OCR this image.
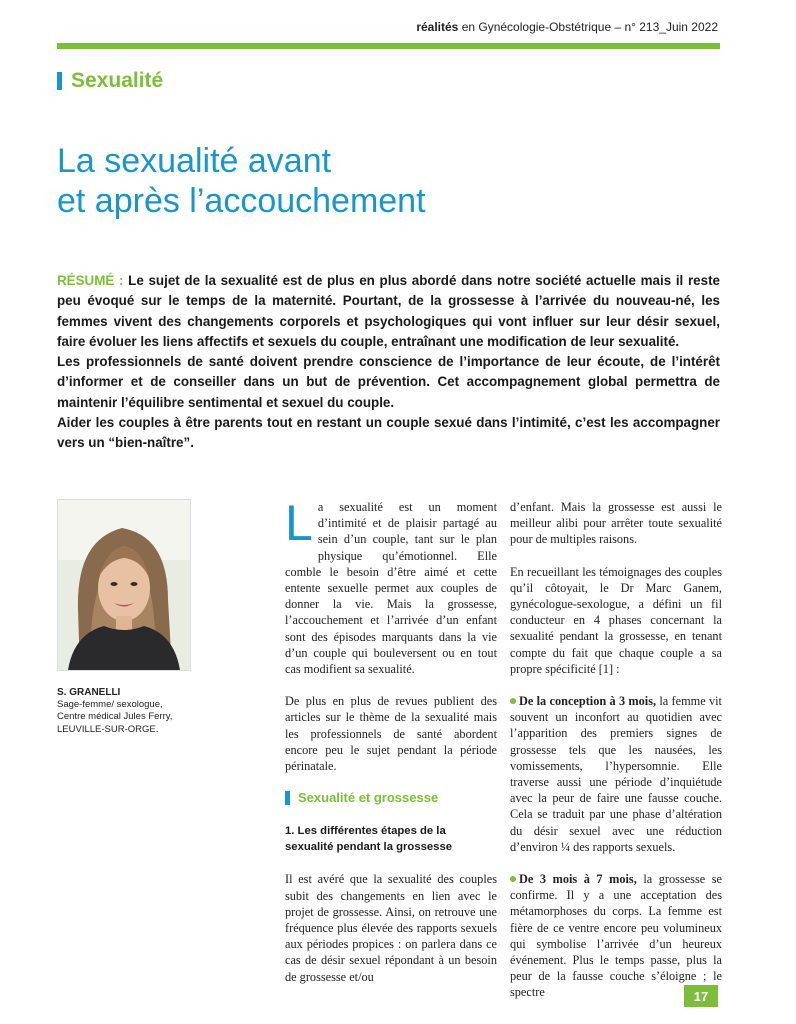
réalités en Gynécologie-Obstétrique – n° 213_Juin 2022
Sexualité
La sexualité avant
et après l’accouchement

RÉSUMÉ : Le sujet de la sexualité est de plus en plus abordé dans notre société actuelle mais il reste peu évoqué sur le temps de la maternité. Pourtant, de la grossesse à l’arrivée du nouveau-né, les femmes vivent des changements corporels et psychologiques qui vont influer sur leur désir sexuel, faire évoluer les liens affectifs et sexuels du couple, entraînant une modification de leur sexualité.

Les professionnels de santé doivent prendre conscience de l’importance de leur écoute, de l’intérêt d’informer et de conseiller dans un but de prévention. Cet accompagnement global permettra de maintenir l’équilibre sentimental et sexuel du couple.

Aider les couples à être parents tout en restant un couple sexué dans l’intimité, c’est les accompagner vers un “bien-naître”.

S. GRANELLI
Sage-femme/ sexologue,
Centre médical Jules Ferry,
LEUVILLE-SUR-ORGE.

La sexualité est un moment d’intimité et de plaisir partagé au sein d’un couple, tant sur le plan physique qu’émotionnel. Elle comble le besoin d’être aimé et cette entente sexuelle permet aux couples de donner la vie. Mais la grossesse, l’accouchement et l’arrivée d’un enfant sont des épisodes marquants dans la vie d’un couple qui bouleversent ou en tout cas modifient sa sexualité.

De plus en plus de revues publient des articles sur le thème de la sexualité mais les professionnels de santé abordent encore peu le sujet pendant la période périnatale.

Sexualité et grossesse
1. Les différentes étapes de la sexualité pendant la grossesse

Il est avéré que la sexualité des couples subit des changements en lien avec le projet de grossesse. Ainsi, on retrouve une fréquence plus élevée des rapports sexuels aux périodes propices : on parlera dans ce cas de désir sexuel répondant à un besoin de grossesse et/ou

d’enfant. Mais la grossesse est aussi le meilleur alibi pour arrêter toute sexualité pour de multiples raisons.

En recueillant les témoignages des couples qu’il côtoyait, le Dr Marc Ganem, gynécologue-sexologue, a défini un fil conducteur en 4 phases concernant la sexualité pendant la grossesse, en tenant compte du fait que chaque couple a sa propre spécificité [1] :

De la conception à 3 mois, la femme vit souvent un inconfort au quotidien avec l’apparition des premiers signes de grossesse tels que les nausées, les vomissements, l’hypersomnie. Elle traverse aussi une période d’inquiétude avec la peur de faire une fausse couche. Cela se traduit par une phase d’altération du désir sexuel avec une réduction d’environ ¼ des rapports sexuels.

De 3 mois à 7 mois, la grossesse se confirme. Il y a une acceptation des métamorphoses du corps. La femme est fière de ce ventre encore peu volumineux qui symbolise l’arrivée d’un heureux événement. Plus le temps passe, plus la peur de la fausse couche s’éloigne ; le spectre	17
